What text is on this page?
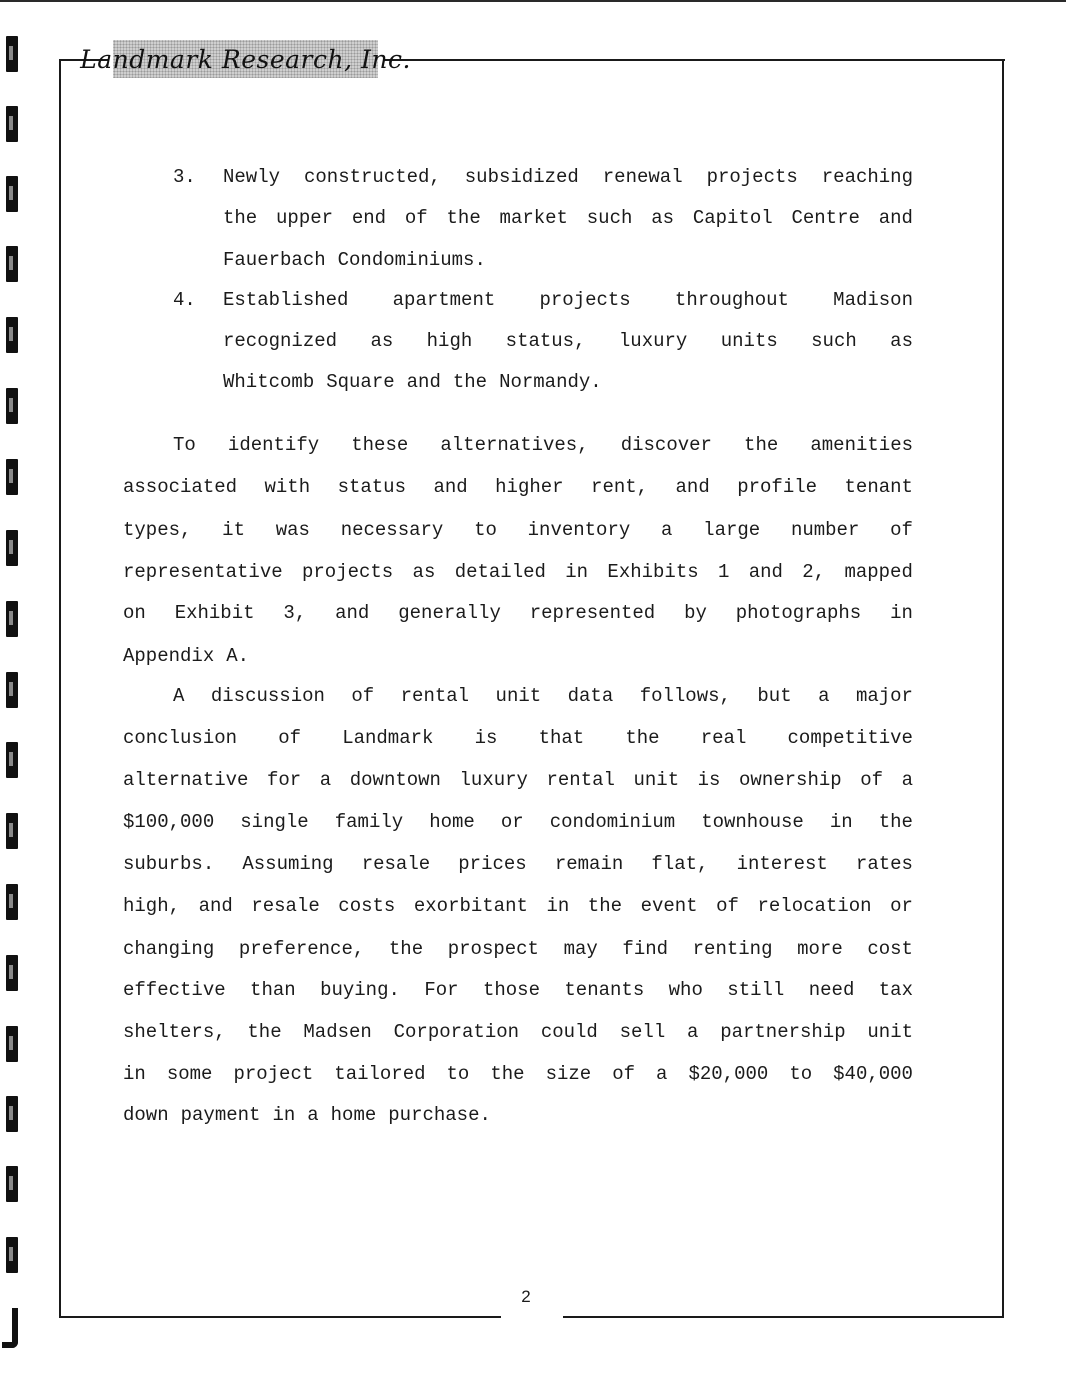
Landmark Research, Inc.
3. Newly constructed, subsidized renewal projects reaching
the upper end of the market such as Capitol Centre and
Fauerbach Condominiums.
4. Established apartment projects throughout Madison
recognized as high status, luxury units such as
Whitcomb Square and the Normandy.
To identify these alternatives, discover the amenities
associated with status and higher rent, and profile tenant
types, it was necessary to inventory a large number of
representative projects as detailed in Exhibits 1 and 2, mapped
on Exhibit 3, and generally represented by photographs in
Appendix A.
A discussion of rental unit data follows, but a major
conclusion of Landmark is that the real competitive
alternative for a downtown luxury rental unit is ownership of a
$100,000 single family home or condominium townhouse in the
suburbs. Assuming resale prices remain flat, interest rates
high, and resale costs exorbitant in the event of relocation or
changing preference, the prospect may find renting more cost
effective than buying. For those tenants who still need tax
shelters, the Madsen Corporation could sell a partnership unit
in some project tailored to the size of a $20,000 to $40,000
down payment in a home purchase.
2
